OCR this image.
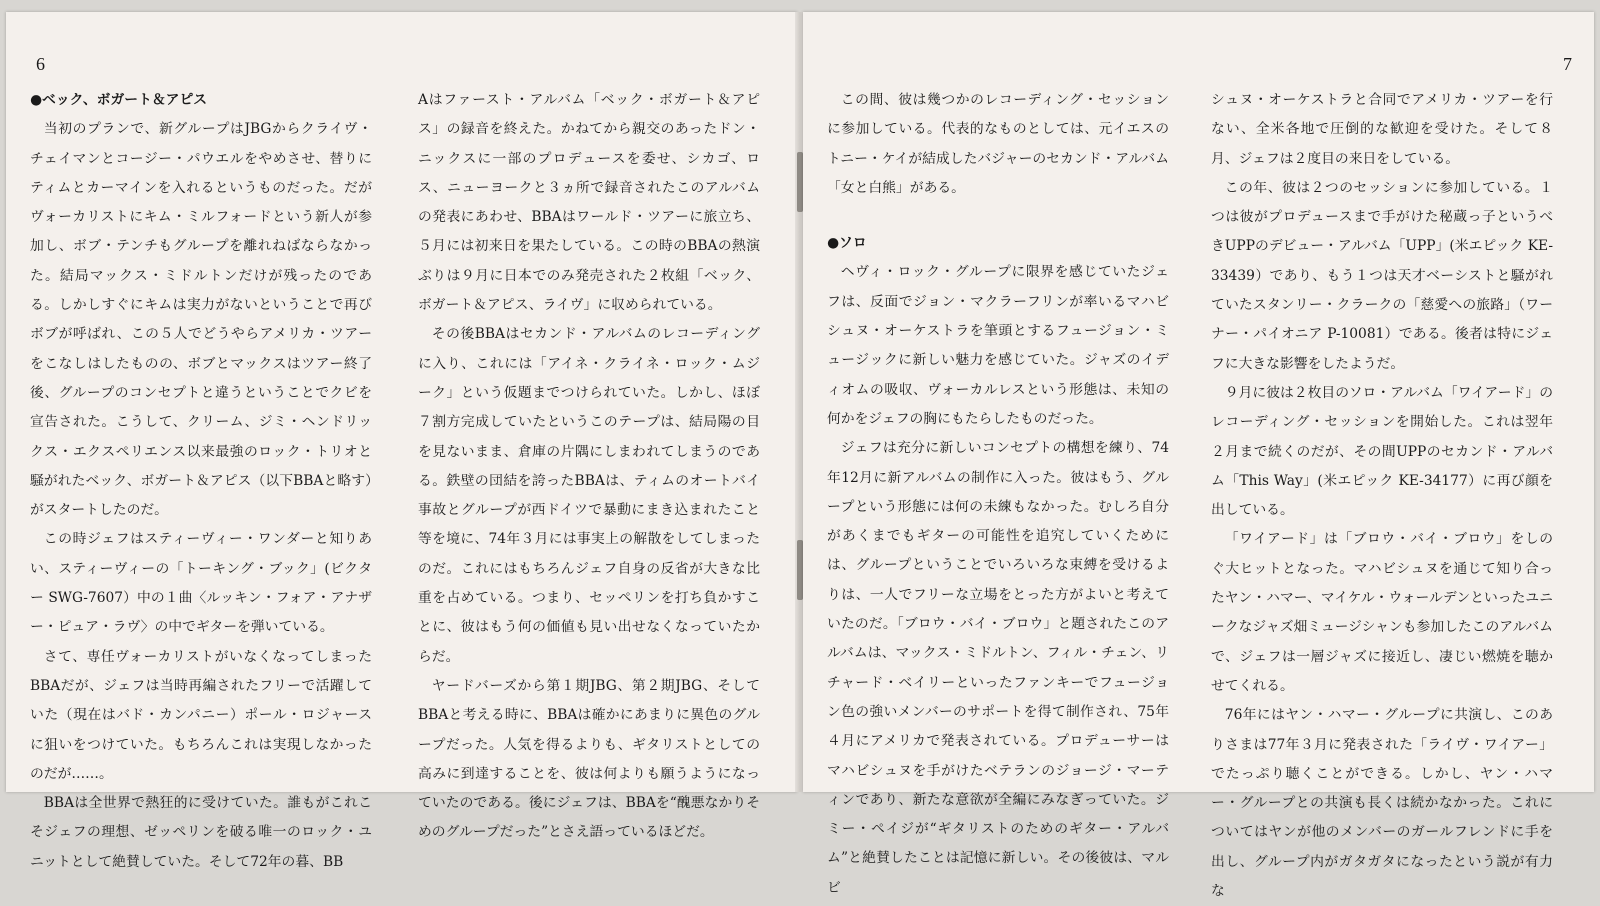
6

●ベック、ボガート＆アピス

当初のプランで、新グループはJBGからクライヴ・チェイマンとコージー・パウエルをやめさせ、替りにティムとカーマインを入れるというものだった。だがヴォーカリストにキム・ミルフォードという新人が参加し、ボブ・テンチもグループを離れねばならなかった。結局マックス・ミドルトンだけが残ったのである。しかしすぐにキムは実力がないということで再びボブが呼ばれ、この５人でどうやらアメリカ・ツアーをこなしはしたものの、ボブとマックスはツアー終了後、グループのコンセプトと違うということでクビを宣告された。こうして、クリーム、ジミ・ヘンドリックス・エクスペリエンス以来最強のロック・トリオと騒がれたベック、ボガート＆アピス（以下BBAと略す）がスタートしたのだ。

この時ジェフはスティーヴィー・ワンダーと知りあい、スティーヴィーの「トーキング・ブック」(ビクター SWG-7607）中の１曲〈ルッキン・フォア・アナザー・ピュア・ラヴ〉の中でギターを弾いている。

さて、専任ヴォーカリストがいなくなってしまったBBAだが、ジェフは当時再編されたフリーで活躍していた（現在はバド・カンパニー）ポール・ロジャースに狙いをつけていた。もちろんこれは実現しなかったのだが……。

BBAは全世界で熱狂的に受けていた。誰もがこれこそジェフの理想、ゼッペリンを破る唯一のロック・ユニットとして絶賛していた。そして72年の暮、BB

Aはファースト・アルバム「ベック・ボガート＆アピス」の録音を終えた。かねてから親交のあったドン・ニックスに一部のプロデュースを委せ、シカゴ、ロス、ニューヨークと３ヵ所で録音されたこのアルバムの発表にあわせ、BBAはワールド・ツアーに旅立ち、５月には初来日を果たしている。この時のBBAの熱演ぶりは９月に日本でのみ発売された２枚組「ベック、ボガート＆アピス、ライヴ」に収められている。

その後BBAはセカンド・アルバムのレコーディングに入り、これには「アイネ・クライネ・ロック・ムジーク」という仮題までつけられていた。しかし、ほぼ７割方完成していたというこのテープは、結局陽の目を見ないまま、倉庫の片隅にしまわれてしまうのである。鉄壁の団結を誇ったBBAは、ティムのオートバイ事故とグループが西ドイツで暴動にまき込まれたこと等を境に、74年３月には事実上の解散をしてしまったのだ。これにはもちろんジェフ自身の反省が大きな比重を占めている。つまり、セッペリンを打ち負かすことに、彼はもう何の価値も見い出せなくなっていたからだ。

ヤードバーズから第１期JBG、第２期JBG、そしてBBAと考える時に、BBAは確かにあまりに異色のグループだった。人気を得るよりも、ギタリストとしての高みに到達することを、彼は何よりも願うようになっていたのである。後にジェフは、BBAを“醜悪なかりそめのグループだった”とさえ語っているほどだ。

7

この間、彼は幾つかのレコーディング・セッションに参加している。代表的なものとしては、元イエスのトニー・ケイが結成したバジャーのセカンド・アルバム「女と白熊」がある。

●ソロ

ヘヴィ・ロック・グループに限界を感じていたジェフは、反面でジョン・マクラーフリンが率いるマハビシュヌ・オーケストラを筆頭とするフュージョン・ミュージックに新しい魅力を感じていた。ジャズのイディオムの吸収、ヴォーカルレスという形態は、未知の何かをジェフの胸にもたらしたものだった。

ジェフは充分に新しいコンセプトの構想を練り、74年12月に新アルバムの制作に入った。彼はもう、グループという形態には何の未練もなかった。むしろ自分があくまでもギターの可能性を追究していくためには、グループということでいろいろな束縛を受けるよりは、一人でフリーな立場をとった方がよいと考えていたのだ。「ブロウ・バイ・ブロウ」と題されたこのアルバムは、マックス・ミドルトン、フィル・チェン、リチャード・ベイリーといったファンキーでフュージョン色の強いメンバーのサポートを得て制作され、75年４月にアメリカで発表されている。プロデューサーはマハビシュヌを手がけたベテランのジョージ・マーティンであり、新たな意欲が全編にみなぎっていた。ジミー・ペイジが“ギタリストのためのギター・アルバム”と絶賛したことは記憶に新しい。その後彼は、マルビ

シュヌ・オーケストラと合同でアメリカ・ツアーを行ない、全米各地で圧倒的な歓迎を受けた。そして８月、ジェフは２度目の来日をしている。

この年、彼は２つのセッションに参加している。１つは彼がプロデュースまで手がけた秘蔵っ子というべきUPPのデビュー・アルバム「UPP」(米エピック KE-33439）であり、もう１つは天才ベーシストと騒がれていたスタンリー・クラークの「慈愛への旅路」（ワーナー・パイオニア P-10081）である。後者は特にジェフに大きな影響をしたようだ。

９月に彼は２枚目のソロ・アルバム「ワイアード」のレコーディング・セッションを開始した。これは翌年２月まで続くのだが、その間UPPのセカンド・アルバム「This Way」(米エピック KE-34177）に再び顔を出している。

「ワイアード」は「ブロウ・バイ・ブロウ」をしのぐ大ヒットとなった。マハビシュヌを通じて知り合ったヤン・ハマー、マイケル・ウォールデンといったユニークなジャズ畑ミュージシャンも参加したこのアルバムで、ジェフは一層ジャズに接近し、凄じい燃焼を聴かせてくれる。

76年にはヤン・ハマー・グループに共演し、このありさまは77年３月に発表された「ライヴ・ワイアー」でたっぷり聴くことができる。しかし、ヤン・ハマー・グループとの共演も長くは続かなかった。これについてはヤンが他のメンバーのガールフレンドに手を出し、グループ内がガタガタになったという説が有力な
